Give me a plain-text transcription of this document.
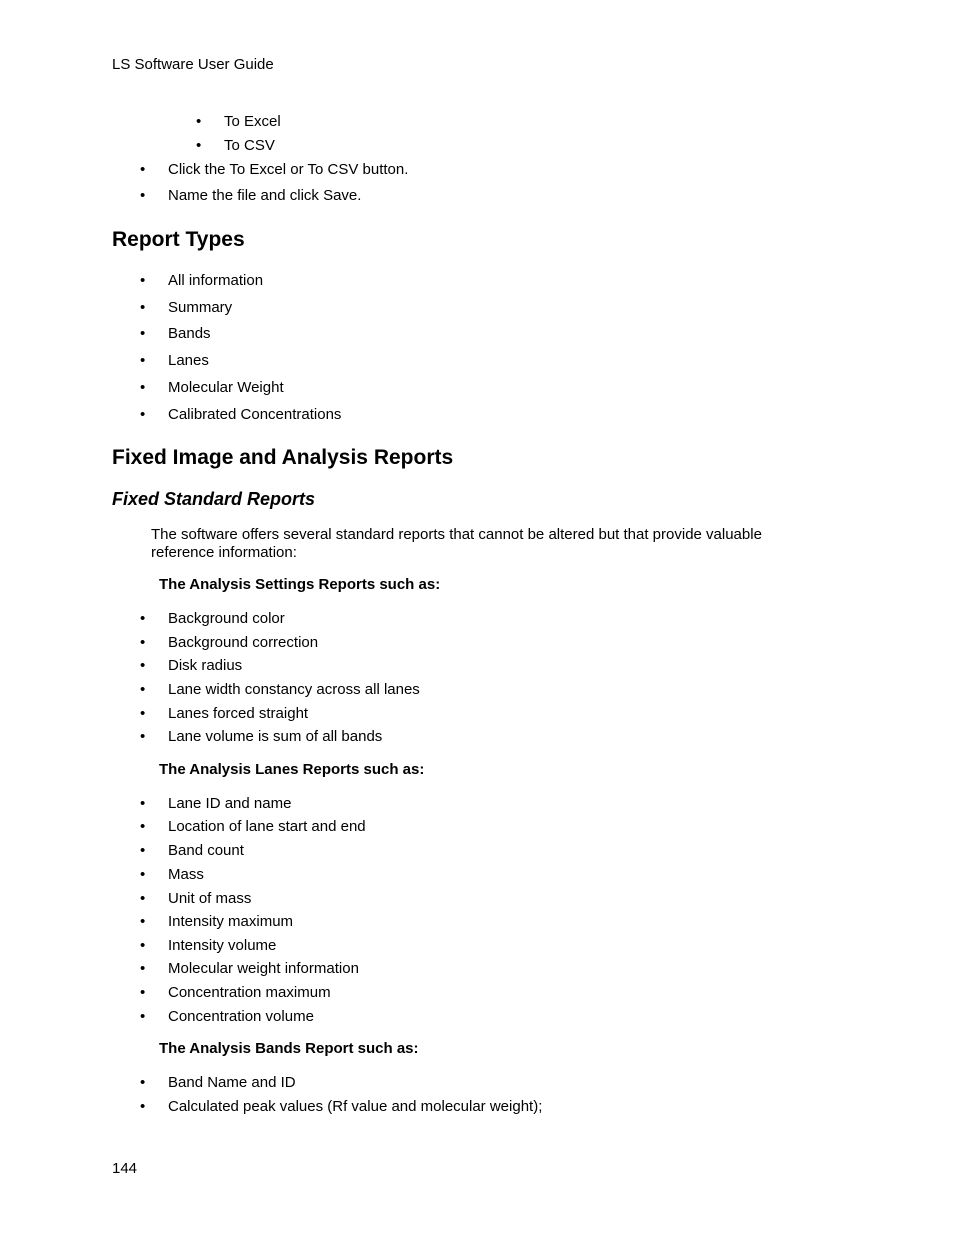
LS Software User Guide
• To Excel
• To CSV
• Click the To Excel or To CSV button.
• Name the file and click Save.
Report Types
• All information
• Summary
• Bands
• Lanes
• Molecular Weight
• Calibrated Concentrations
Fixed Image and Analysis Reports
Fixed Standard Reports
The software offers several standard reports that cannot be altered but that provide valuable reference information:
The Analysis Settings Reports such as:
• Background color
• Background correction
• Disk radius
• Lane width constancy across all lanes
• Lanes forced straight
• Lane volume is sum of all bands
The Analysis Lanes Reports such as:
• Lane ID and name
• Location of lane start and end
• Band count
• Mass
• Unit of mass
• Intensity maximum
• Intensity volume
• Molecular weight information
• Concentration maximum
• Concentration volume
The Analysis Bands Report such as:
• Band Name and ID
• Calculated peak values (Rf value and molecular weight);
144
